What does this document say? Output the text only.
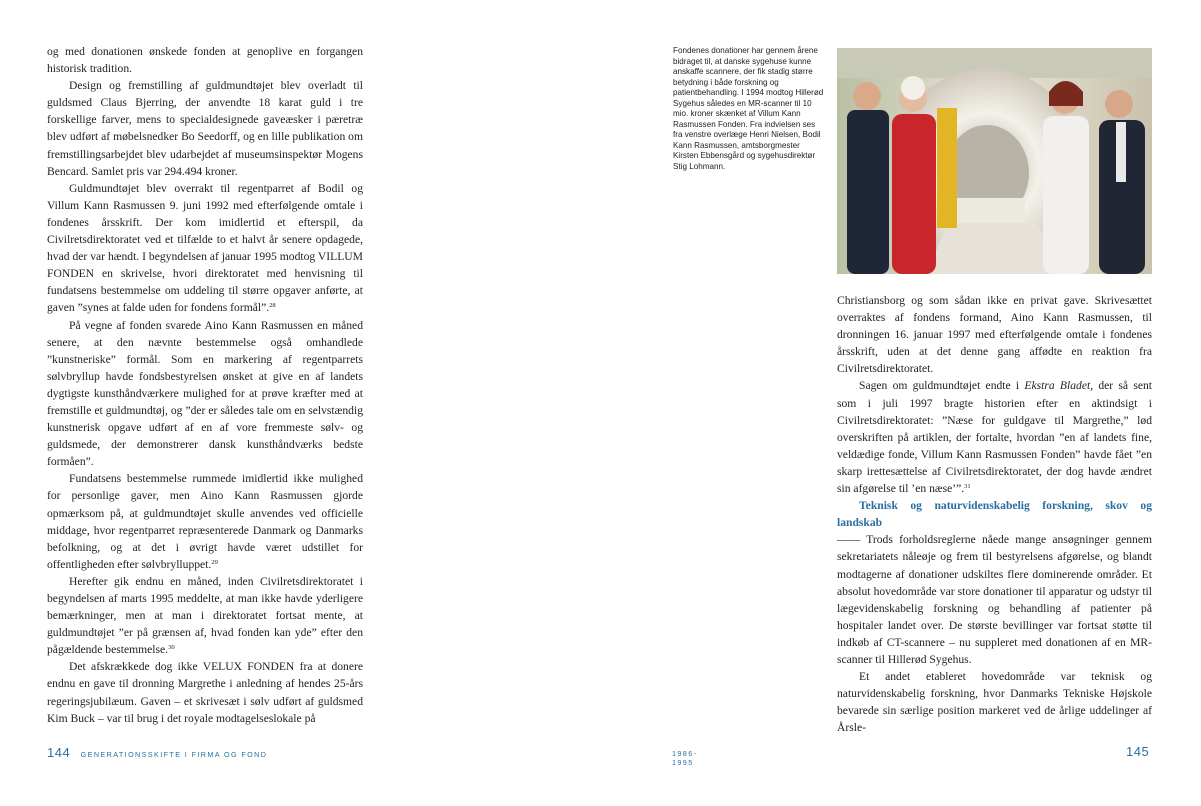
og med donationen ønskede fonden at genoplive en forgangen historisk tradition.

Design og fremstilling af guldmundtøjet blev overladt til guldsmed Claus Bjerring, der anvendte 18 karat guld i tre forskellige farver, mens to specialdesignede gaveæsker i pæretræ blev udført af møbelsnedker Bo Seedorff, og en lille publikation om fremstillingsarbejdet blev udarbejdet af museumsinspektør Mogens Bencard. Samlet pris var 294.494 kroner.

Guldmundtøjet blev overrakt til regentparret af Bodil og Villum Kann Rasmussen 9. juni 1992 med efterfølgende omtale i fondenes årsskrift. Der kom imidlertid et efterspil, da Civilretsdirektoratet ved et tilfælde to et halvt år senere opdagede, hvad der var hændt. I begyndelsen af januar 1995 modtog VILLUM FONDEN en skrivelse, hvori direktoratet med henvisning til fundatsens bestemmelse om uddeling til større opgaver anførte, at gaven ”synes at falde uden for fondens formål”.$^{28}$

På vegne af fonden svarede Aino Kann Rasmussen en måned senere, at den nævnte bestemmelse også omhandlede ”kunstneriske” formål. Som en markering af regentparrets sølvbryllup havde fondsbestyrelsen ønsket at give en af landets dygtigste kunsthåndværkere mulighed for at prøve kræfter med at fremstille et guldmundtøj, og ”der er således tale om en selvstændig kunstnerisk opgave udført af en af vore fremmeste sølv- og guldsmede, der demonstrerer dansk kunsthåndværks bedste formåen”.

Fundatsens bestemmelse rummede imidlertid ikke mulighed for personlige gaver, men Aino Kann Rasmussen gjorde opmærksom på, at guldmundtøjet skulle anvendes ved officielle middage, hvor regentparret repræsenterede Danmark og Danmarks befolkning, og at det i øvrigt havde været udstillet for offentligheden efter sølvbrylluppet.$^{29}$

Herefter gik endnu en måned, inden Civilretsdirektoratet i begyndelsen af marts 1995 meddelte, at man ikke havde yderligere bemærkninger, men at man i direktoratet fortsat mente, at guldmundtøjet ”er på grænsen af, hvad fonden kan yde” efter den pågældende bestemmelse.$^{30}$

Det afskrækkede dog ikke VELUX FONDEN fra at donere endnu en gave til dronning Margrethe i anledning af hendes 25-års regeringsjubilæum. Gaven – et skrivesæt i sølv udført af guldsmed Kim Buck – var til brug i det royale modtagelseslokale på

144 GENERATIONSSKIFTE I FIRMA OG FOND	1986-1995
Fondenes donationer har gennem årene bidraget til, at danske sygehuse kunne anskaffe scannere, der fik stadig større betydning i både forskning og patientbehandling. I 1994 modtog Hillerød Sygehus således en MR-scanner til 10 mio. kroner skænket af Villum Kann Rasmussen Fonden. Fra indvielsen ses fra venstre overlæge Henri Nielsen, Bodil Kann Rasmussen, amtsborgmester Kirsten Ebbensgård og sygehusdirektør Stig Lohmann.

Christiansborg og som sådan ikke en privat gave. Skrivesættet overraktes af fondens formand, Aino Kann Rasmussen, til dronningen 16. januar 1997 med efterfølgende omtale i fondenes årsskrift, uden at det denne gang affødte en reaktion fra Civilretsdirektoratet.

Sagen om guldmundtøjet endte i Ekstra Bladet, der så sent som i juli 1997 bragte historien efter en aktindsigt i Civilretsdirektoratet: ”Næse for guldgave til Margrethe,” lød overskriften på artiklen, der fortalte, hvordan ”en af landets fine, veldædige fonde, Villum Kann Rasmussen Fonden” havde fået ”en skarp irettesættelse af Civilretsdirektoratet, der dog havde ændret sin afgørelse til ’en næse’”.$^{31}$

Teknisk og naturvidenskabelig forskning, skov og landskab

—— Trods forholdsreglerne nåede mange ansøgninger gennem sekretariatets nåleøje og frem til bestyrelsens afgørelse, og blandt modtagerne af donationer udskiltes flere dominerende områder. Et absolut hovedområde var store donationer til apparatur og udstyr til lægevidenskabelig forskning og behandling af patienter på hospitaler landet over. De største bevillinger var fortsat støtte til indkøb af CT-scannere – nu suppleret med donationen af en MR-scanner til Hillerød Sygehus.

Et andet etableret hovedområde var teknisk og naturvidenskabelig forskning, hvor Danmarks Tekniske Højskole bevarede sin særlige position markeret ved de årlige uddelinger af Årsle-

145
